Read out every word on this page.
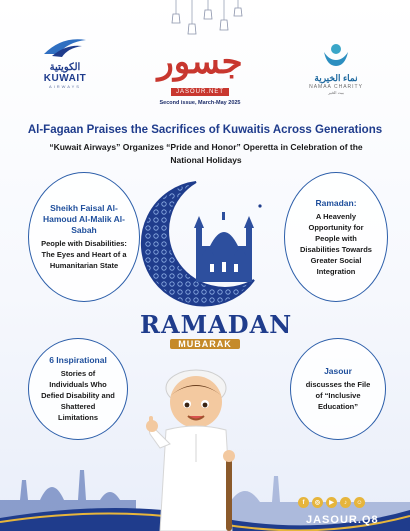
الكويتية
KUWAIT
AIRWAYS
جسور
JASOUR.NET
Second issue, March-May 2025
نماء الخيرية
NAMAA CHARITY
بيت الخير
Al-Fagaan Praises the Sacrifices of Kuwaitis Across Generations
“Kuwait Airways” Organizes “Pride and Honor” Operetta in Celebration of the National Holidays
Sheikh Faisal Al-Hamoud Al-Malik Al-Sabah
People with Disabilities: The Eyes and Heart of a Humanitarian State
Ramadan:
A Heavenly Opportunity for People with Disabilities Towards Greater Social Integration
6 Inspirational
Stories of Individuals Who Defied Disability and Shattered Limitations
Jasour
discusses the File of “Inclusive Education”
RAMADAN
MUBARAK
f	◎	▶	♪	☺
JASOUR.Q8
